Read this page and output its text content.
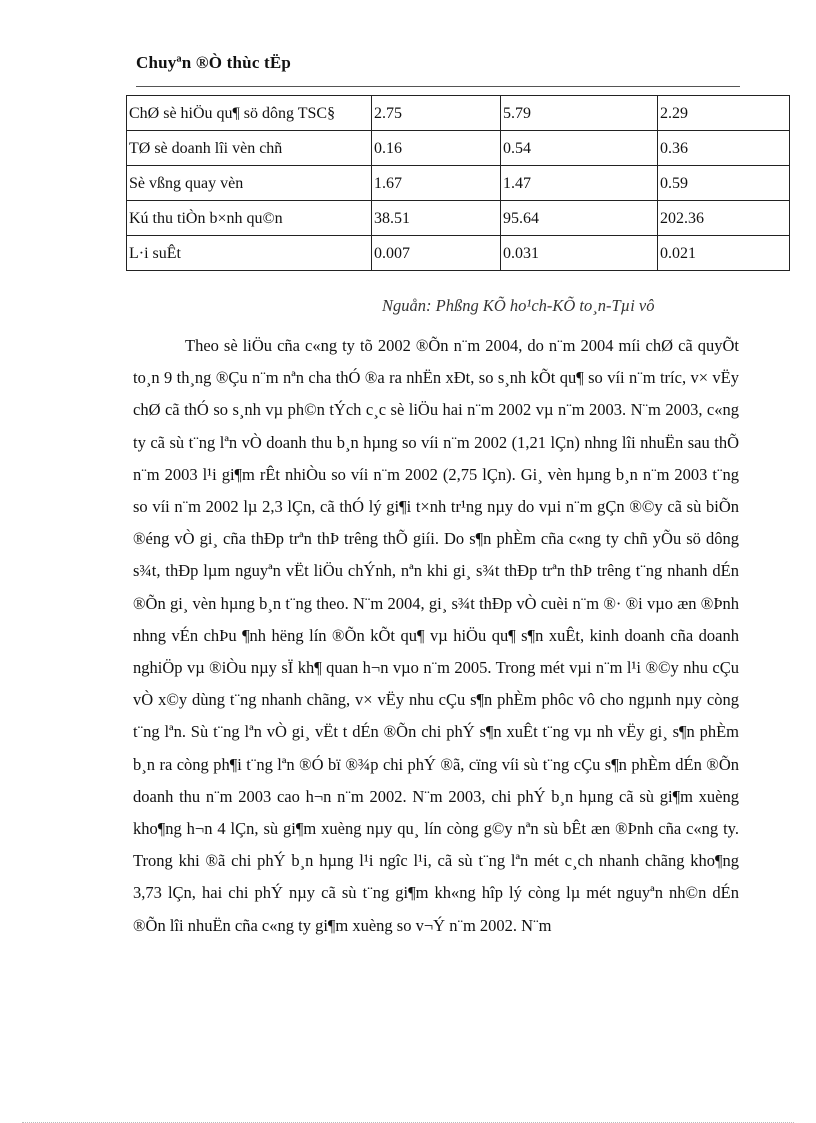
Chuyªn ®Ò thùc tËp
ChØ sè hiÖu qu¶ sö dông TSC§	2.75	5.79	2.29
TØ sè doanh lîi vèn chñ	0.16	0.54	0.36
Sè vßng quay vèn	1.67	1.47	0.59
Kú thu tiÒn b×nh qu©n	38.51	95.64	202.36
L·i suÊt	0.007	0.031	0.021
Nguån: Phßng KÕ ho¹ch-KÕ to¸n-Tµi vô

Theo sè liÖu cña c«ng ty tõ 2002 ®Õn n¨m 2004, do n¨m 2004 míi chØ cã quyÕt to¸n 9 th¸ng ®Çu n¨m nªn cha thÓ ®a ra nhËn xÐt, so s¸nh kÕt qu¶ so víi n¨m tríc, v× vËy chØ cã thÓ so s¸nh vµ ph©n tÝch c¸c sè liÖu hai n¨m 2002 vµ n¨m 2003. N¨m 2003, c«ng ty cã sù t¨ng lªn vÒ doanh thu b¸n hµng so víi n¨m 2002 (1,21 lÇn) nhng lîi nhuËn sau thÕ n¨m 2003 l¹i gi¶m rÊt nhiÒu so víi n¨m 2002 (2,75 lÇn). Gi¸ vèn hµng b¸n n¨m 2003 t¨ng so víi n¨m 2002 lµ 2,3 lÇn, cã thÓ lý gi¶i t×nh tr¹ng nµy do vµi n¨m gÇn ®©y cã sù biÕn ®éng vÒ gi¸ cña thÐp trªn thÞ trêng thÕ giíi. Do s¶n phÈm cña c«ng ty chñ yÕu sö dông s¾t, thÐp lµm nguyªn vËt liÖu chÝnh, nªn khi gi¸ s¾t thÐp trªn thÞ trêng t¨ng nhanh dÉn ®Õn gi¸ vèn hµng b¸n t¨ng theo. N¨m 2004, gi¸ s¾t thÐp vÒ cuèi n¨m ®· ®i vµo æn ®Þnh nhng vÉn chÞu ¶nh hëng lín ®Õn kÕt qu¶ vµ hiÖu qu¶ s¶n xuÊt, kinh doanh cña doanh nghiÖp vµ ®iÒu nµy sÏ kh¶ quan h¬n vµo n¨m 2005. Trong mét vµi n¨m l¹i ®©y nhu cÇu vÒ x©y dùng t¨ng nhanh chãng, v× vËy nhu cÇu s¶n phÈm phôc vô cho ngµnh nµy còng t¨ng lªn. Sù t¨ng lªn vÒ gi¸ vËt t dÉn ®Õn chi phÝ s¶n xuÊt t¨ng vµ nh vËy gi¸ s¶n phÈm b¸n ra còng ph¶i t¨ng lªn ®Ó bï ®¾p chi phÝ ®ã, cïng víi sù t¨ng cÇu s¶n phÈm dÉn ®Õn doanh thu n¨m 2003 cao h¬n n¨m 2002. N¨m 2003, chi phÝ b¸n hµng cã sù gi¶m xuèng kho¶ng h¬n 4 lÇn, sù gi¶m xuèng nµy qu¸ lín còng g©y nªn sù bÊt æn ®Þnh cña c«ng ty. Trong khi ®ã chi phÝ b¸n hµng l¹i ngîc l¹i, cã sù t¨ng lªn mét c¸ch nhanh chãng kho¶ng 3,73 lÇn, hai chi phÝ nµy cã sù t¨ng gi¶m kh«ng hîp lý còng lµ mét nguyªn nh©n dÉn ®Õn lîi nhuËn cña c«ng ty gi¶m xuèng so v¬Ý n¨m 2002. N¨m
